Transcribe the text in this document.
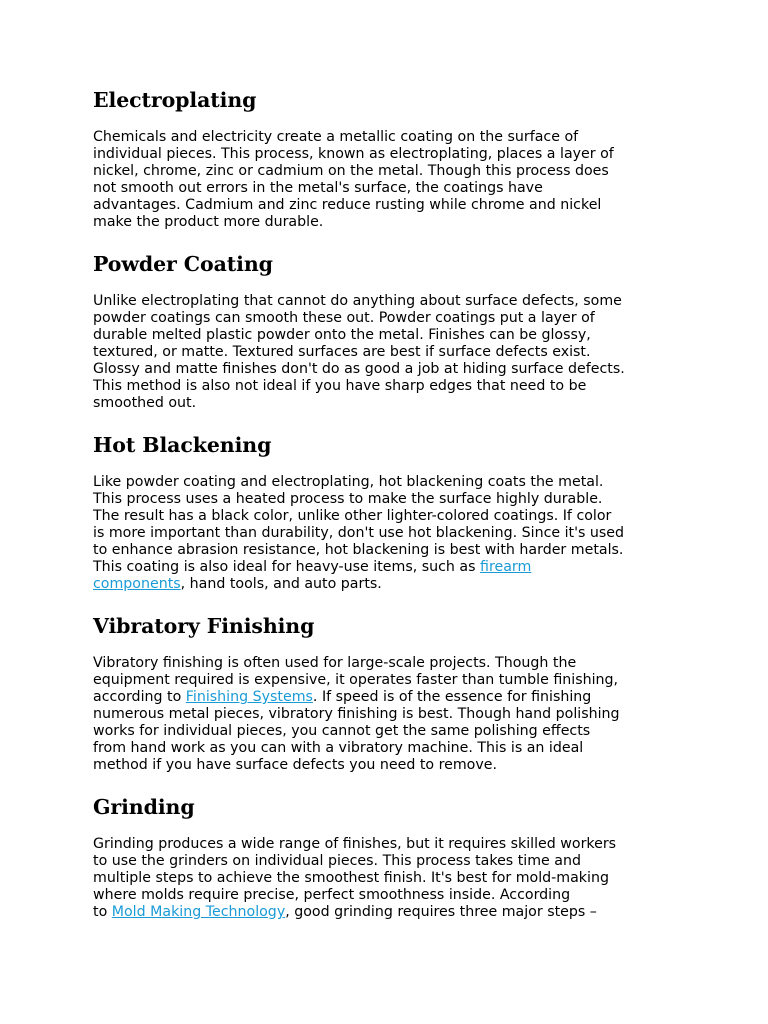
Electroplating

Chemicals and electricity create a metallic coating on the surface of
individual pieces. This process, known as electroplating, places a layer of
nickel, chrome, zinc or cadmium on the metal. Though this process does
not smooth out errors in the metal's surface, the coatings have
advantages. Cadmium and zinc reduce rusting while chrome and nickel
make the product more durable.

Powder Coating

Unlike electroplating that cannot do anything about surface defects, some
powder coatings can smooth these out. Powder coatings put a layer of
durable melted plastic powder onto the metal. Finishes can be glossy,
textured, or matte. Textured surfaces are best if surface defects exist.
Glossy and matte finishes don't do as good a job at hiding surface defects.
This method is also not ideal if you have sharp edges that need to be
smoothed out.

Hot Blackening

Like powder coating and electroplating, hot blackening coats the metal.
This process uses a heated process to make the surface highly durable.
The result has a black color, unlike other lighter-colored coatings. If color
is more important than durability, don't use hot blackening. Since it's used
to enhance abrasion resistance, hot blackening is best with harder metals.
This coating is also ideal for heavy-use items, such as firearm
components, hand tools, and auto parts.

Vibratory Finishing

Vibratory finishing is often used for large-scale projects. Though the
equipment required is expensive, it operates faster than tumble finishing,
according to Finishing Systems. If speed is of the essence for finishing
numerous metal pieces, vibratory finishing is best. Though hand polishing
works for individual pieces, you cannot get the same polishing effects
from hand work as you can with a vibratory machine. This is an ideal
method if you have surface defects you need to remove.

Grinding

Grinding produces a wide range of finishes, but it requires skilled workers
to use the grinders on individual pieces. This process takes time and
multiple steps to achieve the smoothest finish. It's best for mold-making
where molds require precise, perfect smoothness inside. According
to Mold Making Technology, good grinding requires three major steps –
